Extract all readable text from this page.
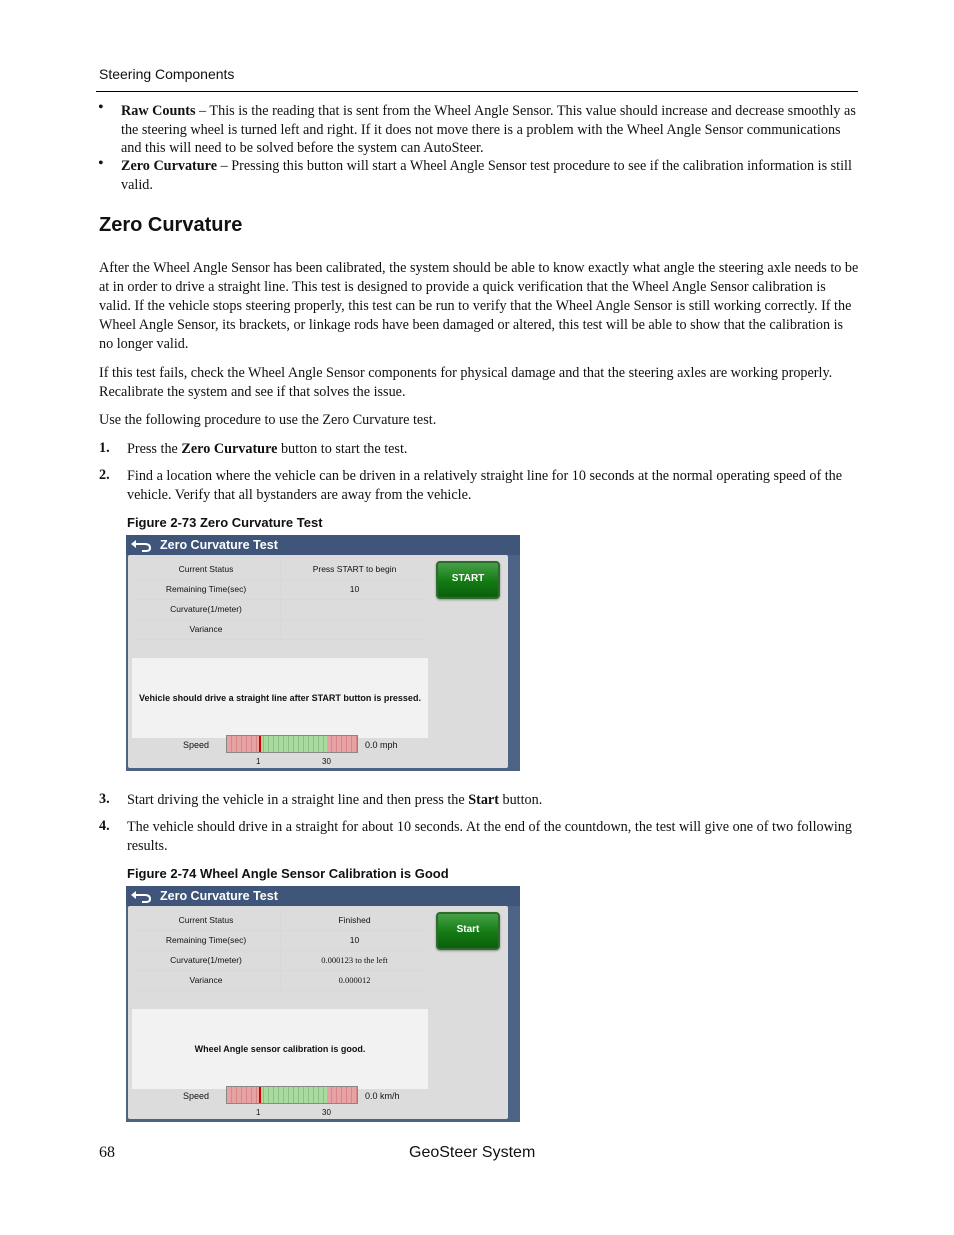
Steering Components
• Raw Counts – This is the reading that is sent from the Wheel Angle Sensor. This value should increase and decrease smoothly as the steering wheel is turned left and right. If it does not move there is a problem with the Wheel Angle Sensor communications and this will need to be solved before the system can AutoSteer.
• Zero Curvature – Pressing this button will start a Wheel Angle Sensor test procedure to see if the calibration information is still valid.
Zero Curvature
After the Wheel Angle Sensor has been calibrated, the system should be able to know exactly what angle the steering axle needs to be at in order to drive a straight line. This test is designed to provide a quick verification that the Wheel Angle Sensor calibration is valid. If the vehicle stops steering properly, this test can be run to verify that the Wheel Angle Sensor is still working correctly. If the Wheel Angle Sensor, its brackets, or linkage rods have been damaged or altered, this test will be able to show that the calibration is no longer valid.
If this test fails, check the Wheel Angle Sensor components for physical damage and that the steering axles are working properly. Recalibrate the system and see if that solves the issue.
Use the following procedure to use the Zero Curvature test.
1. Press the Zero Curvature button to start the test.
2. Find a location where the vehicle can be driven in a relatively straight line for 10 seconds at the normal operating speed of the vehicle. Verify that all bystanders are away from the vehicle.
Figure 2-73 Zero Curvature Test
Zero Curvature Test
Current Status	Press START to begin
Remaining Time(sec)	10
Curvature(1/meter)
Variance
Vehicle should drive a straight line after START button is pressed.
START
Speed	0.0 mph
1	30
3. Start driving the vehicle in a straight line and then press the Start button.
4. The vehicle should drive in a straight for about 10 seconds. At the end of the countdown, the test will give one of two following results.
Figure 2-74 Wheel Angle Sensor Calibration is Good
Zero Curvature Test
Current Status	Finished
Remaining Time(sec)	10
Curvature(1/meter)	0.000123 to the left
Variance	0.000012
Wheel Angle sensor calibration is good.
Start
Speed	0.0 km/h
1	30
68	GeoSteer System
